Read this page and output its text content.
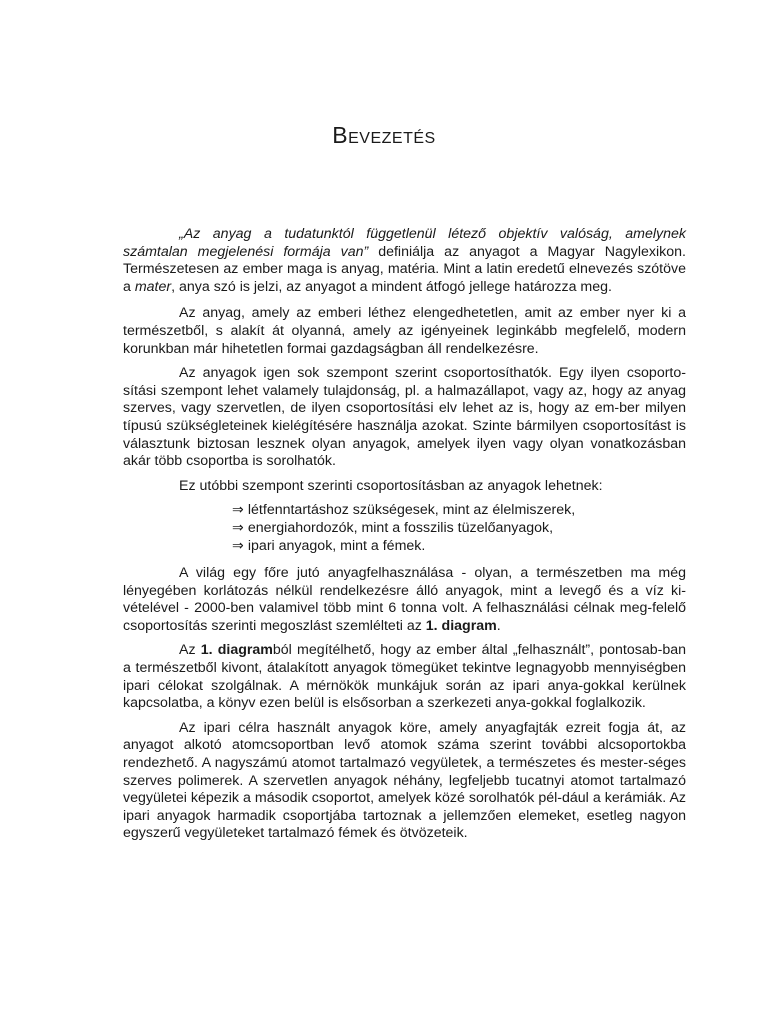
Bevezetés

„Az anyag a tudatunktól függetlenül létező objektív valóság, amelynek számtalan megjelenési formája van” definiálja az anyagot a Magyar Nagylexikon. Természetesen az ember maga is anyag, matéria. Mint a latin eredetű elnevezés szótöve a mater, anya szó is jelzi, az anyagot a mindent átfogó jellege határozza meg.

Az anyag, amely az emberi léthez elengedhetetlen, amit az ember nyer ki a természetből, s alakít át olyanná, amely az igényeinek leginkább megfelelő, modern korunkban már hihetetlen formai gazdagságban áll rendelkezésre.

Az anyagok igen sok szempont szerint csoportosíthatók. Egy ilyen csoporto-sítási szempont lehet valamely tulajdonság, pl. a halmazállapot, vagy az, hogy az anyag szerves, vagy szervetlen, de ilyen csoportosítási elv lehet az is, hogy az em-ber milyen típusú szükségleteinek kielégítésére használja azokat. Szinte bármilyen csoportosítást is választunk biztosan lesznek olyan anyagok, amelyek ilyen vagy olyan vonatkozásban akár több csoportba is sorolhatók.

Ez utóbbi szempont szerinti csoportosításban az anyagok lehetnek:

⇒ létfenntartáshoz szükségesek, mint az élelmiszerek,
⇒ energiahordozók, mint a fosszilis tüzelőanyagok,
⇒ ipari anyagok, mint a fémek.

A világ egy főre jutó anyagfelhasználása - olyan, a természetben ma még lényegében korlátozás nélkül rendelkezésre álló anyagok, mint a levegő és a víz ki-vételével - 2000-ben valamivel több mint 6 tonna volt. A felhasználási célnak meg-felelő csoportosítás szerinti megoszlást szemlélteti az 1. diagram.

Az 1. diagramból megítélhető, hogy az ember által „felhasznált”, pontosab-ban a természetből kivont, átalakított anyagok tömegüket tekintve legnagyobb mennyiségben ipari célokat szolgálnak. A mérnökök munkájuk során az ipari anya-gokkal kerülnek kapcsolatba, a könyv ezen belül is elsősorban a szerkezeti anya-gokkal foglalkozik.

Az ipari célra használt anyagok köre, amely anyagfajták ezreit fogja át, az anyagot alkotó atomcsoportban levő atomok száma szerint további alcsoportokba rendezhető. A nagyszámú atomot tartalmazó vegyületek, a természetes és mester-séges szerves polimerek. A szervetlen anyagok néhány, legfeljebb tucatnyi atomot tartalmazó vegyületei képezik a második csoportot, amelyek közé sorolhatók pél-dául a kerámiák. Az ipari anyagok harmadik csoportjába tartoznak a jellemzően elemeket, esetleg nagyon egyszerű vegyületeket tartalmazó fémek és ötvözeteik.
